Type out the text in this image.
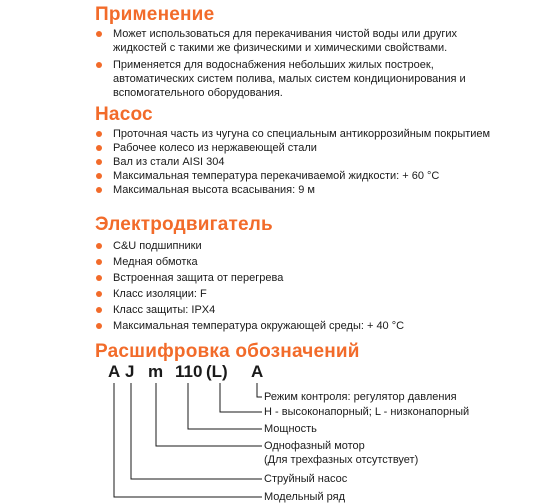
Применение
Может использоваться для перекачивания чистой воды или других жидкостей с такими же физическими и химическими свойствами.
Применяется для водоснабжения небольших жилых построек, автоматических систем полива, малых систем кондиционирования и вспомогательного оборудования.
Насос
Проточная часть из чугуна со специальным антикоррозийным покрытием
Рабочее колесо из нержавеющей стали
Вал из стали AISI 304
Максимальная температура перекачиваемой жидкости: + 60 °C
Максимальная высота всасывания: 9 м
Электродвигатель
C&U подшипники
Медная обмотка
Встроенная защита от перегрева
Класс изоляции: F
Класс защиты: IPX4
Максимальная температура окружающей среды: + 40 °C
Расшифровка обозначений
A J m 110 (L) A
Режим контроля: регулятор давления
H - высоконапорный; L - низконапорный
Мощность
Однофазный мотор
(Для трехфазных отсутствует)
Струйный насос
Модельный ряд
